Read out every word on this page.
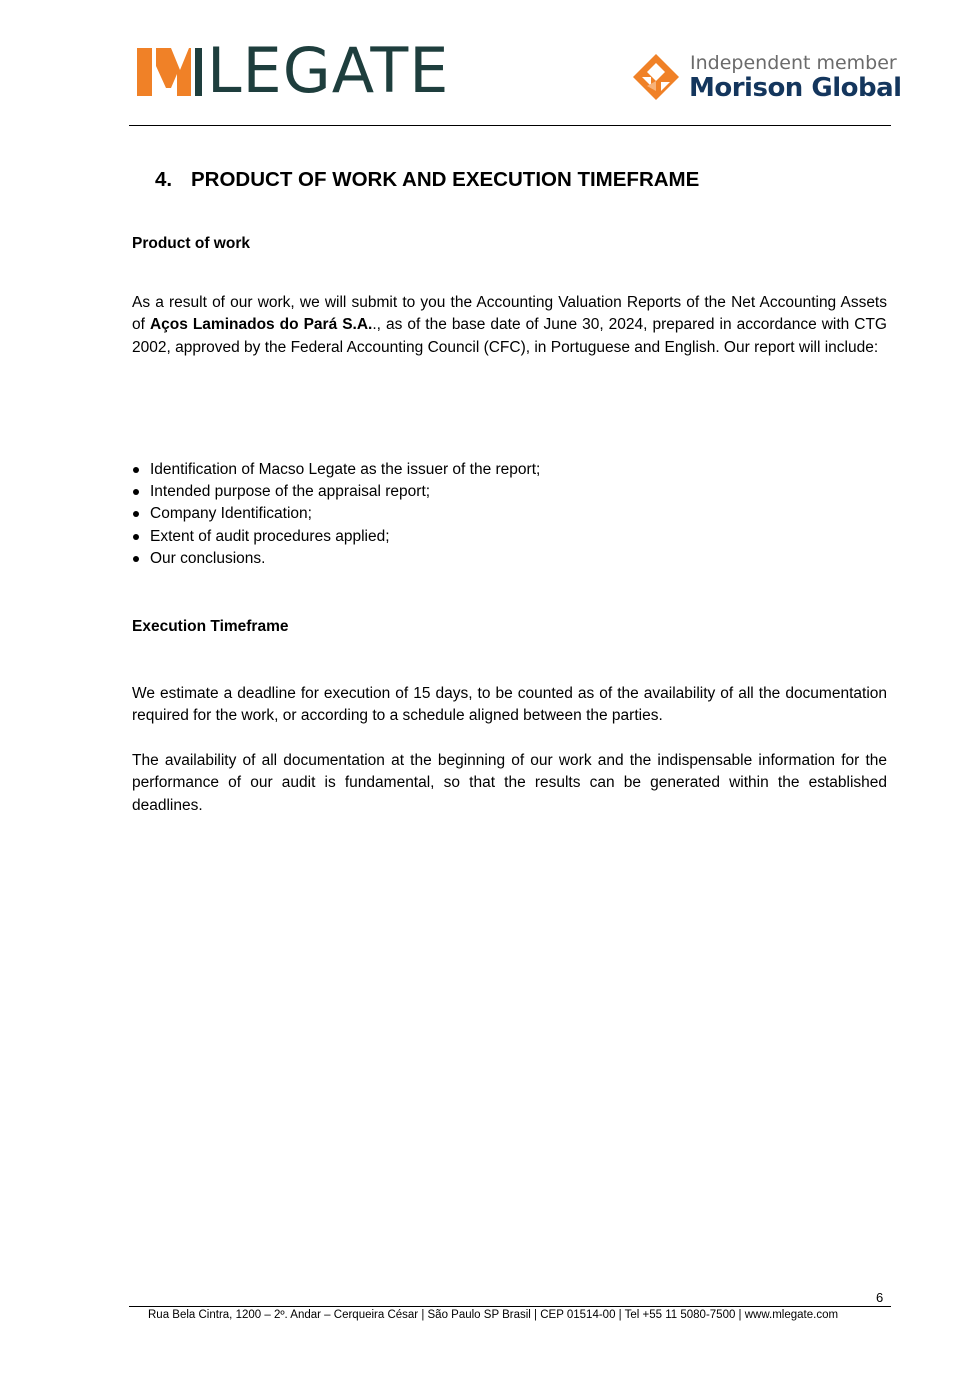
LEGATE	Independent member
Morison Global
4. PRODUCT OF WORK AND EXECUTION TIMEFRAME
Product of work

As a result of our work, we will submit to you the Accounting Valuation Reports of the Net Accounting Assets of Aços Laminados do Pará S.A.., as of the base date of June 30, 2024, prepared in accordance with CTG 2002, approved by the Federal Accounting Council (CFC), in Portuguese and English. Our report will include:

Identification of Macso Legate as the issuer of the report;
Intended purpose of the appraisal report;
Company Identification;
Extent of audit procedures applied;
Our conclusions.
Execution Timeframe

We estimate a deadline for execution of 15 days, to be counted as of the availability of all the documentation required for the work, or according to a schedule aligned between the parties.

The availability of all documentation at the beginning of our work and the indispensable information for the performance of our audit is fundamental, so that the results can be generated within the established deadlines.

6
Rua Bela Cintra, 1200 – 2º. Andar – Cerqueira César | São Paulo SP Brasil | CEP 01514-00 | Tel +55 11 5080-7500 | www.mlegate.com
